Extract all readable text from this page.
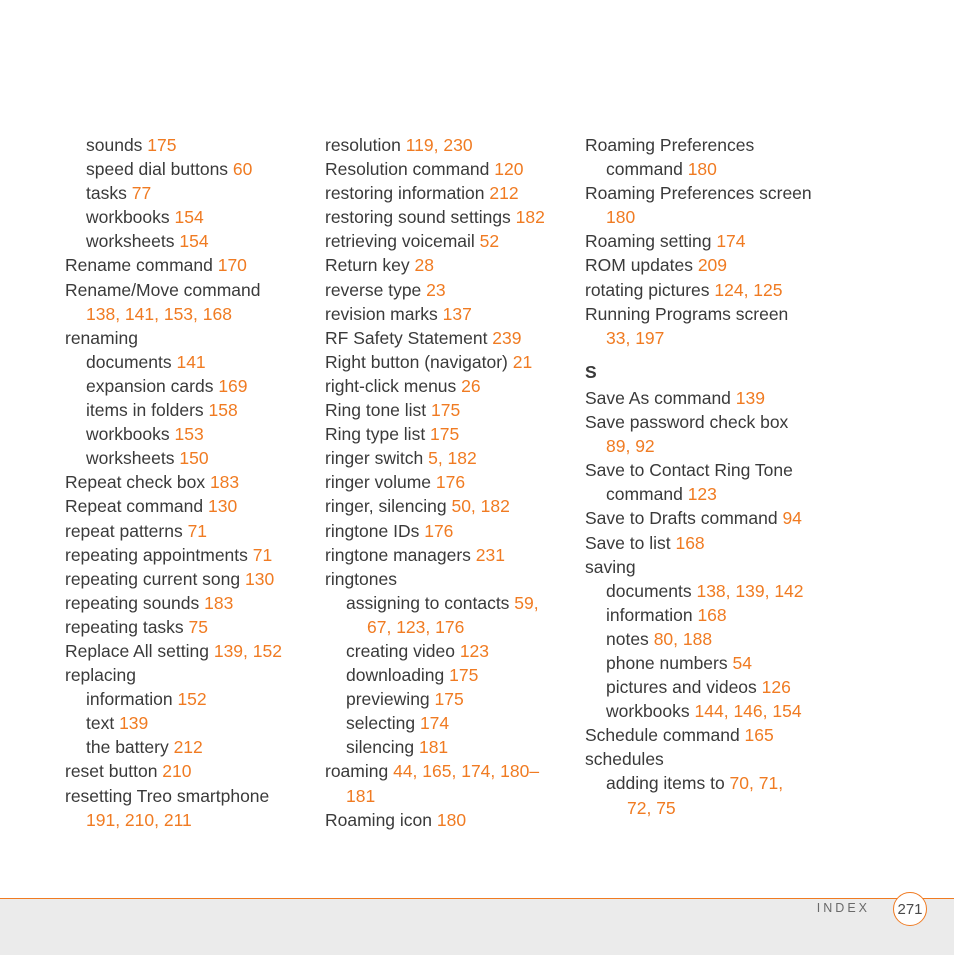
sounds 175
speed dial buttons 60
tasks 77
workbooks 154
worksheets 154
Rename command 170
Rename/Move command
138, 141, 153, 168
renaming
documents 141
expansion cards 169
items in folders 158
workbooks 153
worksheets 150
Repeat check box 183
Repeat command 130
repeat patterns 71
repeating appointments 71
repeating current song 130
repeating sounds 183
repeating tasks 75
Replace All setting 139, 152
replacing
information 152
text 139
the battery 212
reset button 210
resetting Treo smartphone
191, 210, 211
resolution 119, 230
Resolution command 120
restoring information 212
restoring sound settings 182
retrieving voicemail 52
Return key 28
reverse type 23
revision marks 137
RF Safety Statement 239
Right button (navigator) 21
right-click menus 26
Ring tone list 175
Ring type list 175
ringer switch 5, 182
ringer volume 176
ringer, silencing 50, 182
ringtone IDs 176
ringtone managers 231
ringtones
assigning to contacts 59,
67, 123, 176
creating video 123
downloading 175
previewing 175
selecting 174
silencing 181
roaming 44, 165, 174, 180–
181
Roaming icon 180
Roaming Preferences
command 180
Roaming Preferences screen
180
Roaming setting 174
ROM updates 209
rotating pictures 124, 125
Running Programs screen
33, 197
S
Save As command 139
Save password check box
89, 92
Save to Contact Ring Tone
command 123
Save to Drafts command 94
Save to list 168
saving
documents 138, 139, 142
information 168
notes 80, 188
phone numbers 54
pictures and videos 126
workbooks 144, 146, 154
Schedule command 165
schedules
adding items to 70, 71,
72, 75
INDEX 271
